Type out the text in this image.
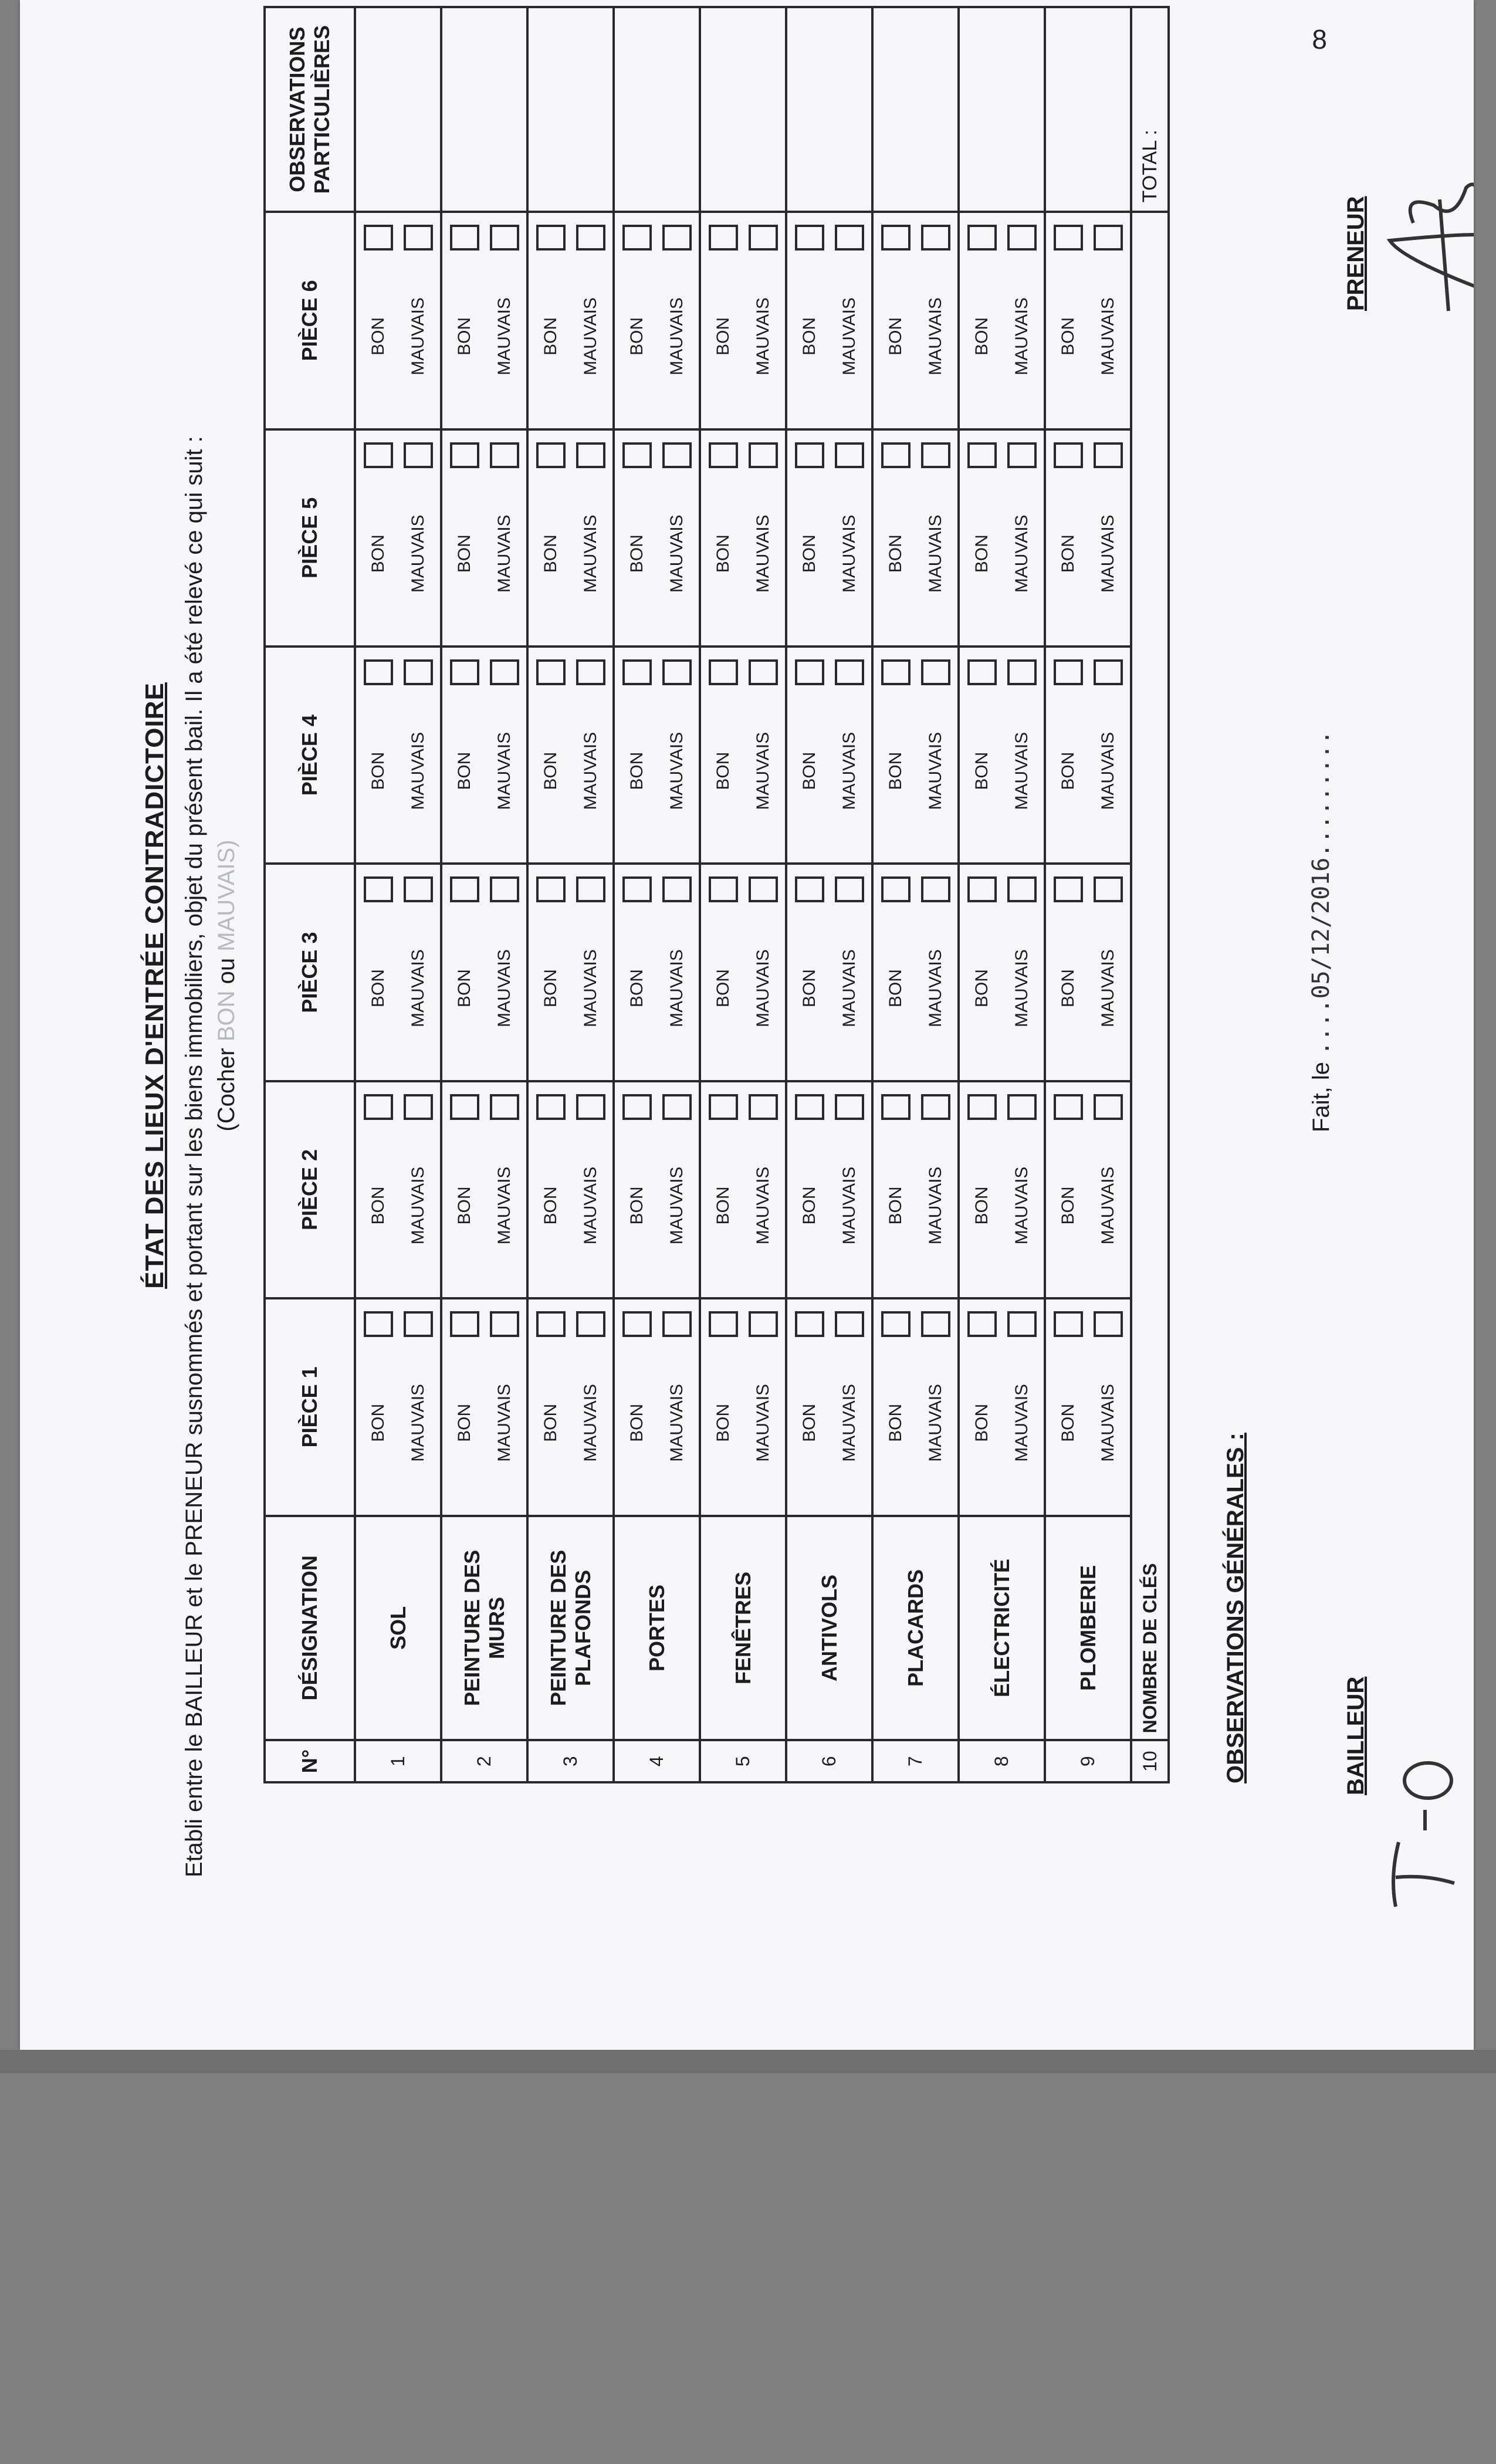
8
ÉTAT DES LIEUX D'ENTRÉE CONTRADICTOIRE Etabli entre le BAILLEUR et le PRENEUR susnommés et portant sur les biens immobiliers, objet du présent bail. Il a été relevé ce qui suit : (Cocher BON ou MAUVAIS)
N°	DÉSIGNATION	PIÈCE 1	PIÈCE 2	PIÈCE 3	PIÈCE 4	PIÈCE 5	PIÈCE 6	OBSERVATIONS PARTICULIÈRES
1	SOL	BON MAUVAIS	BON MAUVAIS	BON MAUVAIS	BON MAUVAIS	BON MAUVAIS	BON MAUVAIS	

2	PEINTURE DES MURS	BON MAUVAIS	BON MAUVAIS	BON MAUVAIS	BON MAUVAIS	BON MAUVAIS	BON MAUVAIS	

3	PEINTURE DES PLAFONDS	BON MAUVAIS	BON MAUVAIS	BON MAUVAIS	BON MAUVAIS	BON MAUVAIS	BON MAUVAIS	

4	PORTES	BON MAUVAIS	BON MAUVAIS	BON MAUVAIS	BON MAUVAIS	BON MAUVAIS	BON MAUVAIS	

5	FENÊTRES	BON MAUVAIS	BON MAUVAIS	BON MAUVAIS	BON MAUVAIS	BON MAUVAIS	BON MAUVAIS	

6	ANTIVOLS	BON MAUVAIS	BON MAUVAIS	BON MAUVAIS	BON MAUVAIS	BON MAUVAIS	BON MAUVAIS	

7	PLACARDS	BON MAUVAIS	BON MAUVAIS	BON MAUVAIS	BON MAUVAIS	BON MAUVAIS	BON MAUVAIS	

8	ÉLECTRICITÉ	BON MAUVAIS	BON MAUVAIS	BON MAUVAIS	BON MAUVAIS	BON MAUVAIS	BON MAUVAIS	

9	PLOMBERIE	BON MAUVAIS	BON MAUVAIS	BON MAUVAIS	BON MAUVAIS	BON MAUVAIS	BON MAUVAIS	

10	NOMBRE DE CLÉS							TOTAL :
OBSERVATIONS GÉNÉRALES :
Fait, le ....05/12/2016.........
BAILLEUR
PRENEUR
